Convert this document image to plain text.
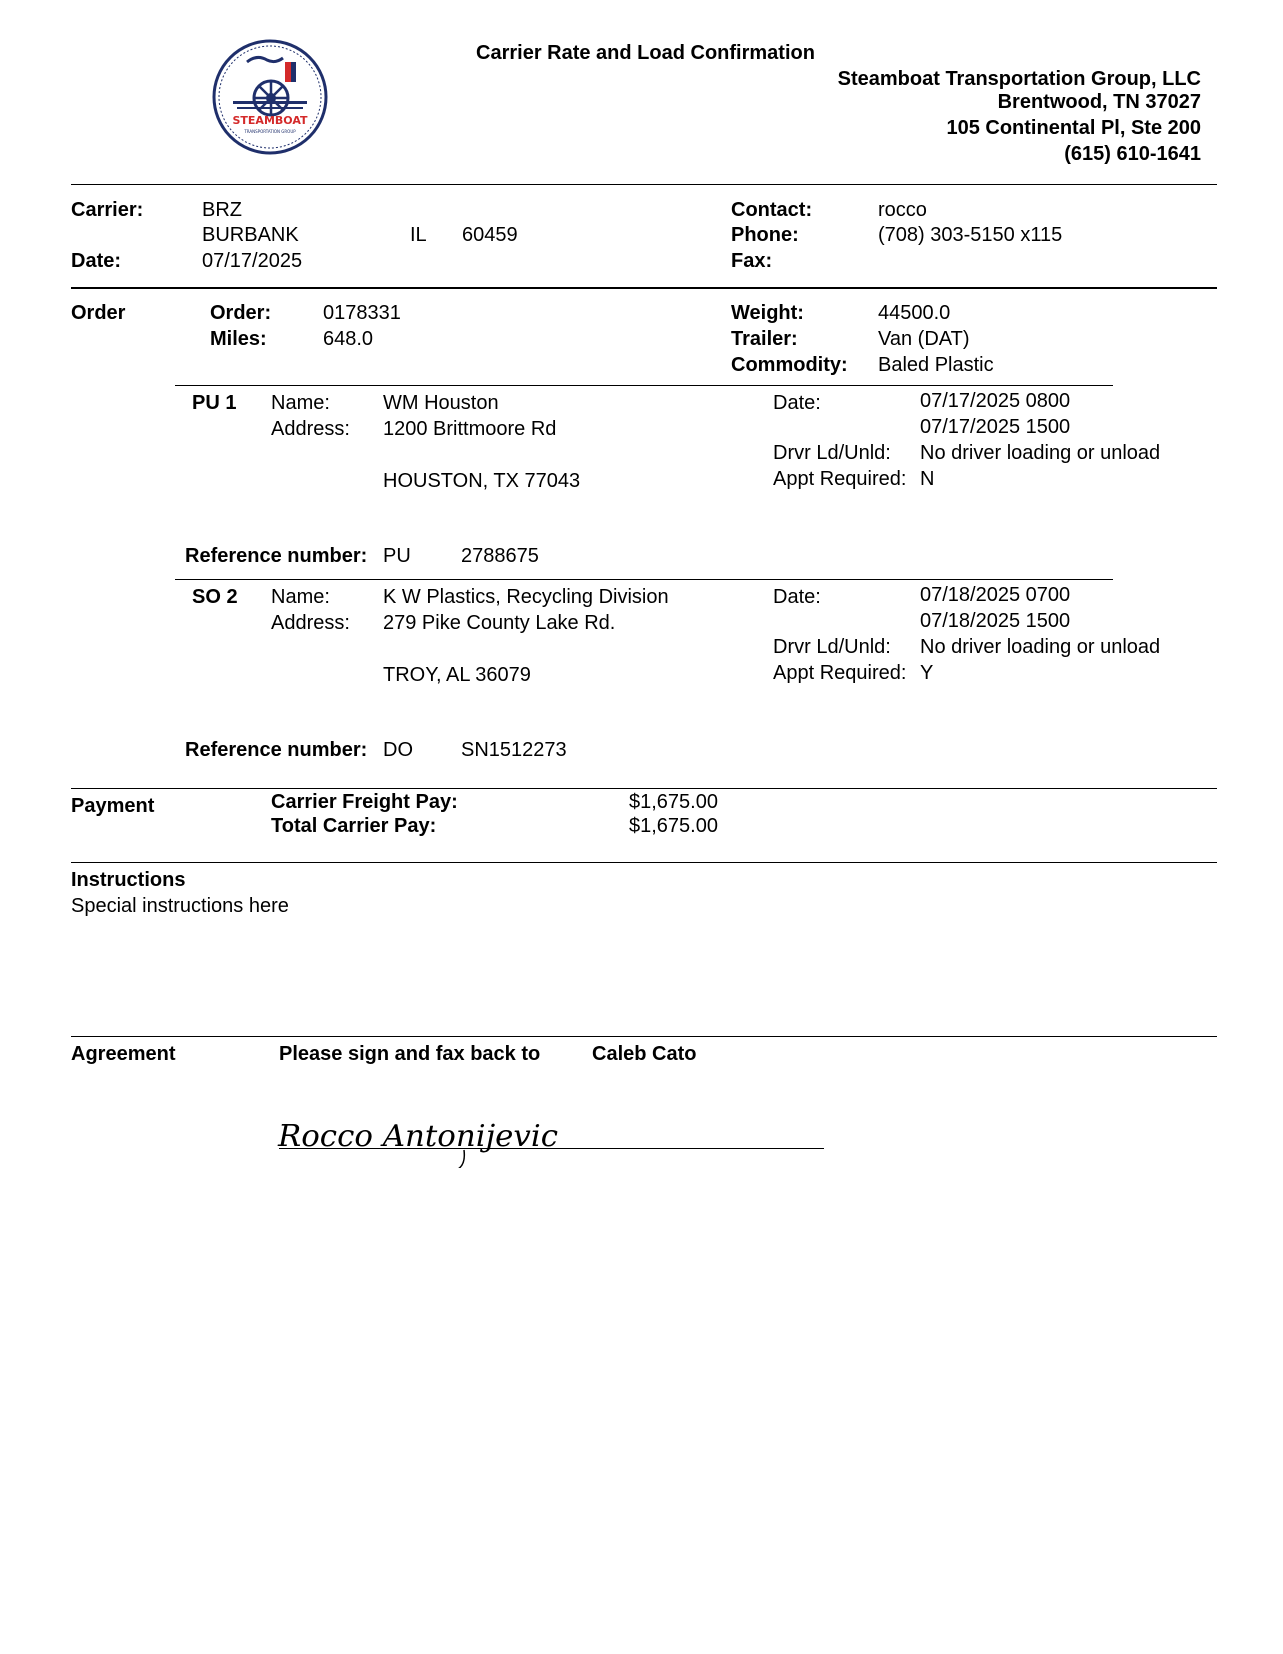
STEAMBOAT
TRANSPORTATION GROUP
Carrier Rate and Load Confirmation
Steamboat Transportation Group, LLC
Brentwood, TN 37027
105 Continental Pl, Ste 200
(615) 610-1641
Carrier:	BRZ
BURBANK	IL 60459
Date:	07/17/2025
Contact:	rocco
Phone:	(708) 303-5150 x115
Fax:
Order	Order:	0178331
Miles:	648.0
Weight:	44500.0
Trailer:	Van (DAT)
Commodity: Baled Plastic
PU 1 Name:	WM Houston
Address: 1200 Brittmoore Rd
HOUSTON, TX 77043
Date:	07/17/2025 0800
07/17/2025 1500
Drvr Ld/Unld: No driver loading or unload
Appt Required: N
Reference number: PU	2788675
SO 2 Name:	K W Plastics, Recycling Division
Address: 279 Pike County Lake Rd.
TROY, AL 36079
Date:	07/18/2025 0700
07/18/2025 1500
Drvr Ld/Unld: No driver loading or unload
Appt Required: Y
Reference number: DO SN1512273
Payment	Carrier Freight Pay:	$1,675.00
Total Carrier Pay:	$1,675.00
Instructions
Special instructions here
Agreement	Please sign and fax back to	Caleb Cato
Rocco Antonijevic
